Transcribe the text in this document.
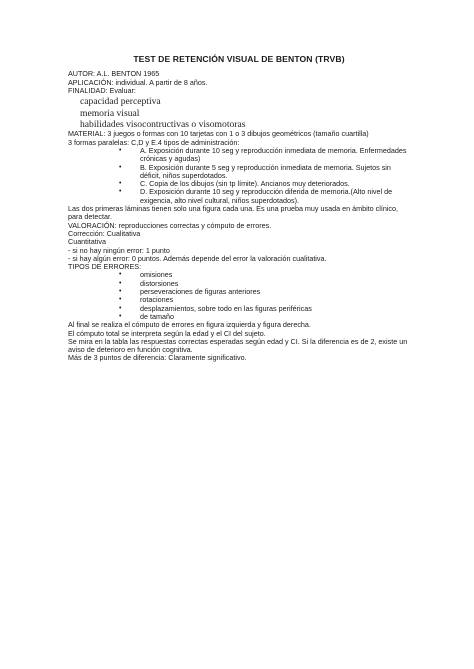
TEST DE RETENCIÓN VISUAL DE BENTON (TRVB)

AUTOR: A.L. BENTON 1965

APLICACIÓN: individual. A partir de 8 años.

FINALIDAD: Evaluar:

capacidad perceptiva
memoria visual
habilidades visocontructivas o visomotoras

MATERIAL: 3 juegos o formas con 10 tarjetas con 1 o 3 dibujos geométricos (tamaño cuartilla)

3 formas paralelas: C,D y E.4 tipos de administración:

•	A. Exposición durante 10 seg y reproducción inmediata de memoria. Enfermedades crónicas y agudas)
•	B. Exposición durante 5 seg y reproducción inmediata de memoria. Sujetos sin déficit, niños superdotados.
•	C. Copia de los dibujos (sin tp límite). Ancianos muy deteriorados.
•	D. Exposición durante 10 seg y reproducción diferida de memoria.(Alto nivel de exigencia, alto nivel cultural, niños superdotados).

Las dos primeras láminas tienen solo una figura cada una. Es una prueba muy usada en ámbito clínico, para detectar.

VALORACIÓN: reproducciones correctas y cómputo de errores.

Corrección: Cualitativa

Cuantitativa

- si no hay ningún error: 1 punto

- si hay algún error: 0 puntos. Además depende del error la valoración cualitativa.

TIPOS DE ERRORES:

•	omisiones
•	distorsiones
•	perseveraciones de figuras anteriores
•	rotaciones
•	desplazamientos, sobre todo en las figuras periféricas
•	de tamaño

Al final se realiza el cómputo de errores en figura izquierda y figura derecha.

El cómputo total se interpreta según la edad y el CI del sujeto.

Se mira en la tabla las respuestas correctas esperadas según edad y CI. Si la diferencia es de 2, existe un aviso de deterioro en función cognitiva.

Más de 3 puntos de diferencia: Claramente significativo.
